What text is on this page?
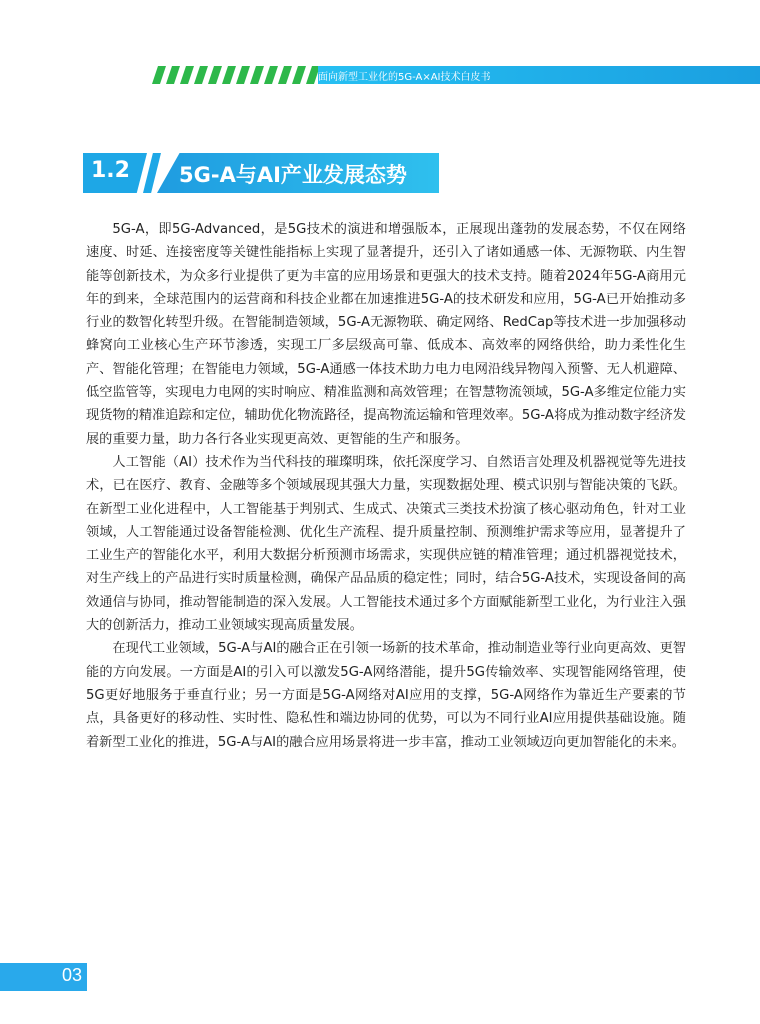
面向新型工业化的5G-A×AI技术白皮书
1.2 5G-A与AI产业发展态势

5G-A，即5G-Advanced，是5G技术的演进和增强版本，正展现出蓬勃的发展态势，不仅在网络速度、时延、连接密度等关键性能指标上实现了显著提升，还引入了诸如通感一体、无源物联、内生智能等创新技术，为众多行业提供了更为丰富的应用场景和更强大的技术支持。随着2024年5G-A商用元年的到来，全球范围内的运营商和科技企业都在加速推进5G-A的技术研发和应用，5G-A已开始推动多行业的数智化转型升级。在智能制造领域，5G-A无源物联、确定网络、RedCap等技术进一步加强移动蜂窝向工业核心生产环节渗透，实现工厂多层级高可靠、低成本、高效率的网络供给，助力柔性化生产、智能化管理；在智能电力领域，5G-A通感一体技术助力电力电网沿线异物闯入预警、无人机避障、低空监管等，实现电力电网的实时响应、精准监测和高效管理；在智慧物流领域，5G-A多维定位能力实现货物的精准追踪和定位，辅助优化物流路径，提高物流运输和管理效率。5G-A将成为推动数字经济发展的重要力量，助力各行各业实现更高效、更智能的生产和服务。

人工智能（AI）技术作为当代科技的璀璨明珠，依托深度学习、自然语言处理及机器视觉等先进技术，已在医疗、教育、金融等多个领域展现其强大力量，实现数据处理、模式识别与智能决策的飞跃。在新型工业化进程中，人工智能基于判别式、生成式、决策式三类技术扮演了核心驱动角色，针对工业领域，人工智能通过设备智能检测、优化生产流程、提升质量控制、预测维护需求等应用，显著提升了工业生产的智能化水平，利用大数据分析预测市场需求，实现供应链的精准管理；通过机器视觉技术，对生产线上的产品进行实时质量检测，确保产品品质的稳定性；同时，结合5G-A技术，实现设备间的高效通信与协同，推动智能制造的深入发展。人工智能技术通过多个方面赋能新型工业化，为行业注入强大的创新活力，推动工业领域实现高质量发展。

在现代工业领域，5G-A与AI的融合正在引领一场新的技术革命，推动制造业等行业向更高效、更智能的方向发展。一方面是AI的引入可以激发5G-A网络潜能，提升5G传输效率、实现智能网络管理，使5G更好地服务于垂直行业；另一方面是5G-A网络对AI应用的支撑，5G-A网络作为靠近生产要素的节点，具备更好的移动性、实时性、隐私性和端边协同的优势，可以为不同行业AI应用提供基础设施。随着新型工业化的推进，5G-A与AI的融合应用场景将进一步丰富，推动工业领域迈向更加智能化的未来。

03
